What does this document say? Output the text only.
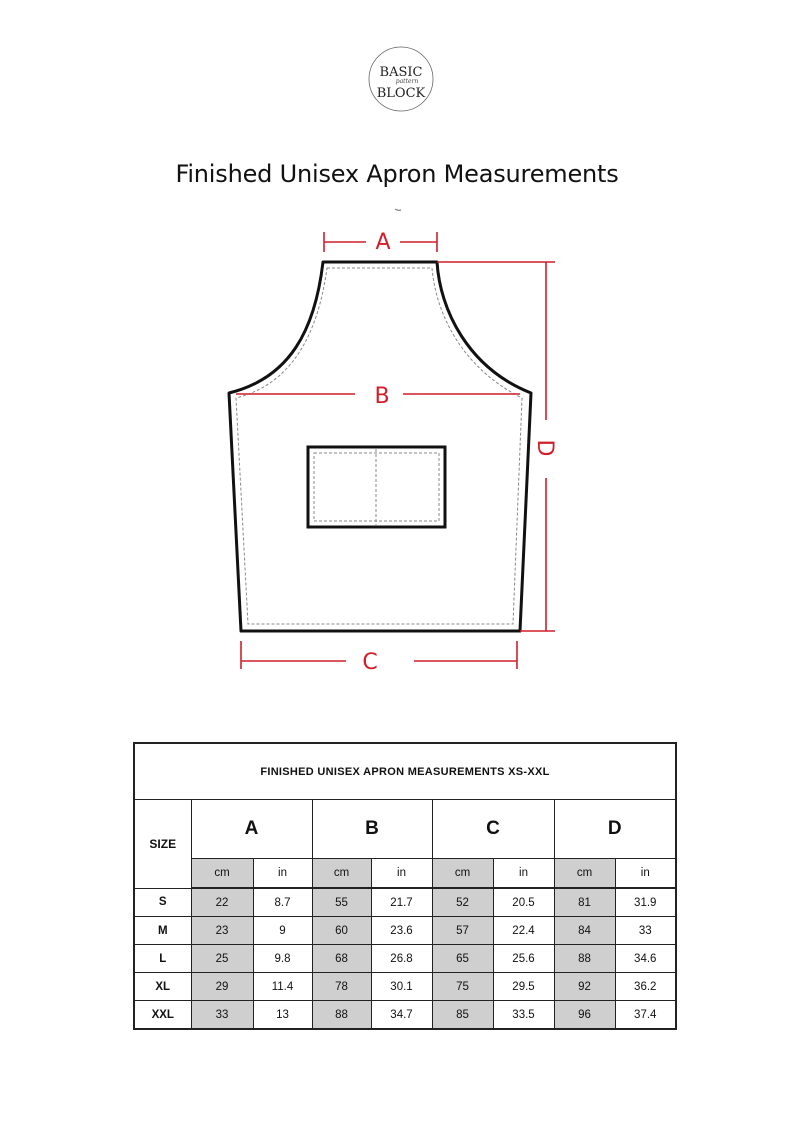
BASIC
pattern
BLOCK
Finished Unisex Apron Measurements
A
B
C
D
FINISHED UNISEX APRON MEASUREMENTS XS-XXL								
SIZE	A		B		C		D	
	cm	in	cm	in	cm	in	cm	in
S	22	8.7	55	21.7	52	20.5	81	31.9
M	23	9	60	23.6	57	22.4	84	33
L	25	9.8	68	26.8	65	25.6	88	34.6
XL	29	11.4	78	30.1	75	29.5	92	36.2
XXL	33	13	88	34.7	85	33.5	96	37.4
